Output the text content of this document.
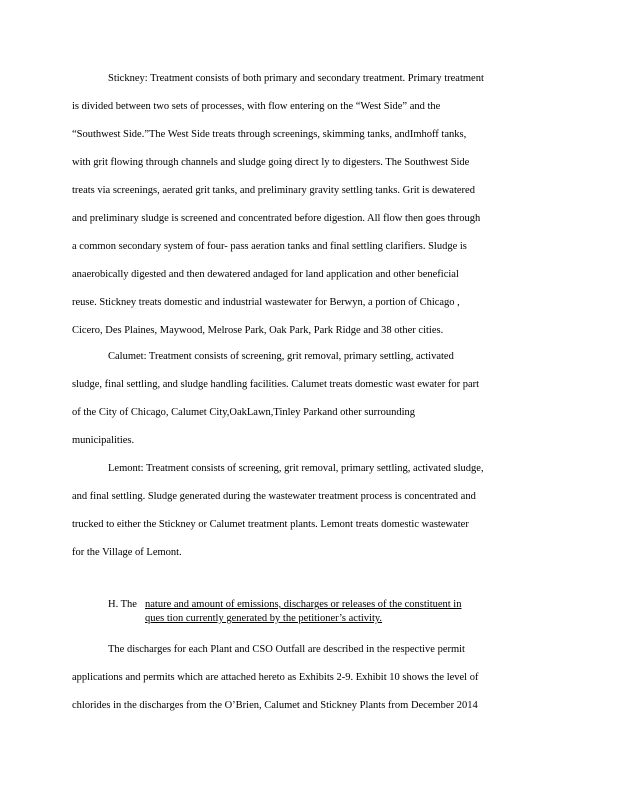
Stickney: Treatment consists of both primary and secondary treatment. Primary treatment
is divided between two sets of processes, with flow entering on the “West Side” and the
“Southwest Side.”The West Side treats through screenings, skimming tanks, andImhoff tanks,
with grit flowing through channels and sludge going direct ly to digesters. The Southwest Side
treats via screenings, aerated grit tanks, and preliminary gravity settling tanks. Grit is dewatered
and preliminary sludge is screened and concentrated before digestion. All flow then goes through
a common secondary system of four- pass aeration tanks and final settling clarifiers. Sludge is
anaerobically digested and then dewatered andaged for land application and other beneficial
reuse. Stickney treats domestic and industrial wastewater for Berwyn, a portion of Chicago ,
Cicero, Des Plaines, Maywood, Melrose Park, Oak Park, Park Ridge and 38 other cities.
Calumet: Treatment consists of screening, grit removal, primary settling, activated
sludge, final settling, and sludge handling facilities. Calumet treats domestic wast ewater for part
of the City of Chicago, Calumet City,OakLawn,Tinley Parkand other surrounding
municipalities.
Lemont: Treatment consists of screening, grit removal, primary settling, activated sludge,
and final settling. Sludge generated during the wastewater treatment process is concentrated and
trucked to either the Stickney or Calumet treatment plants. Lemont treats domestic wastewater
for the Village of Lemont.
H. The nature and amount of emissions, discharges or releases of the constituent in
ques tion currently generated by the petitioner’s activity.
The discharges for each Plant and CSO Outfall are described in the respective permit
applications and permits which are attached hereto as Exhibits 2-9. Exhibit 10 shows the level of
chlorides in the discharges from the O’Brien, Calumet and Stickney Plants from December 2014
